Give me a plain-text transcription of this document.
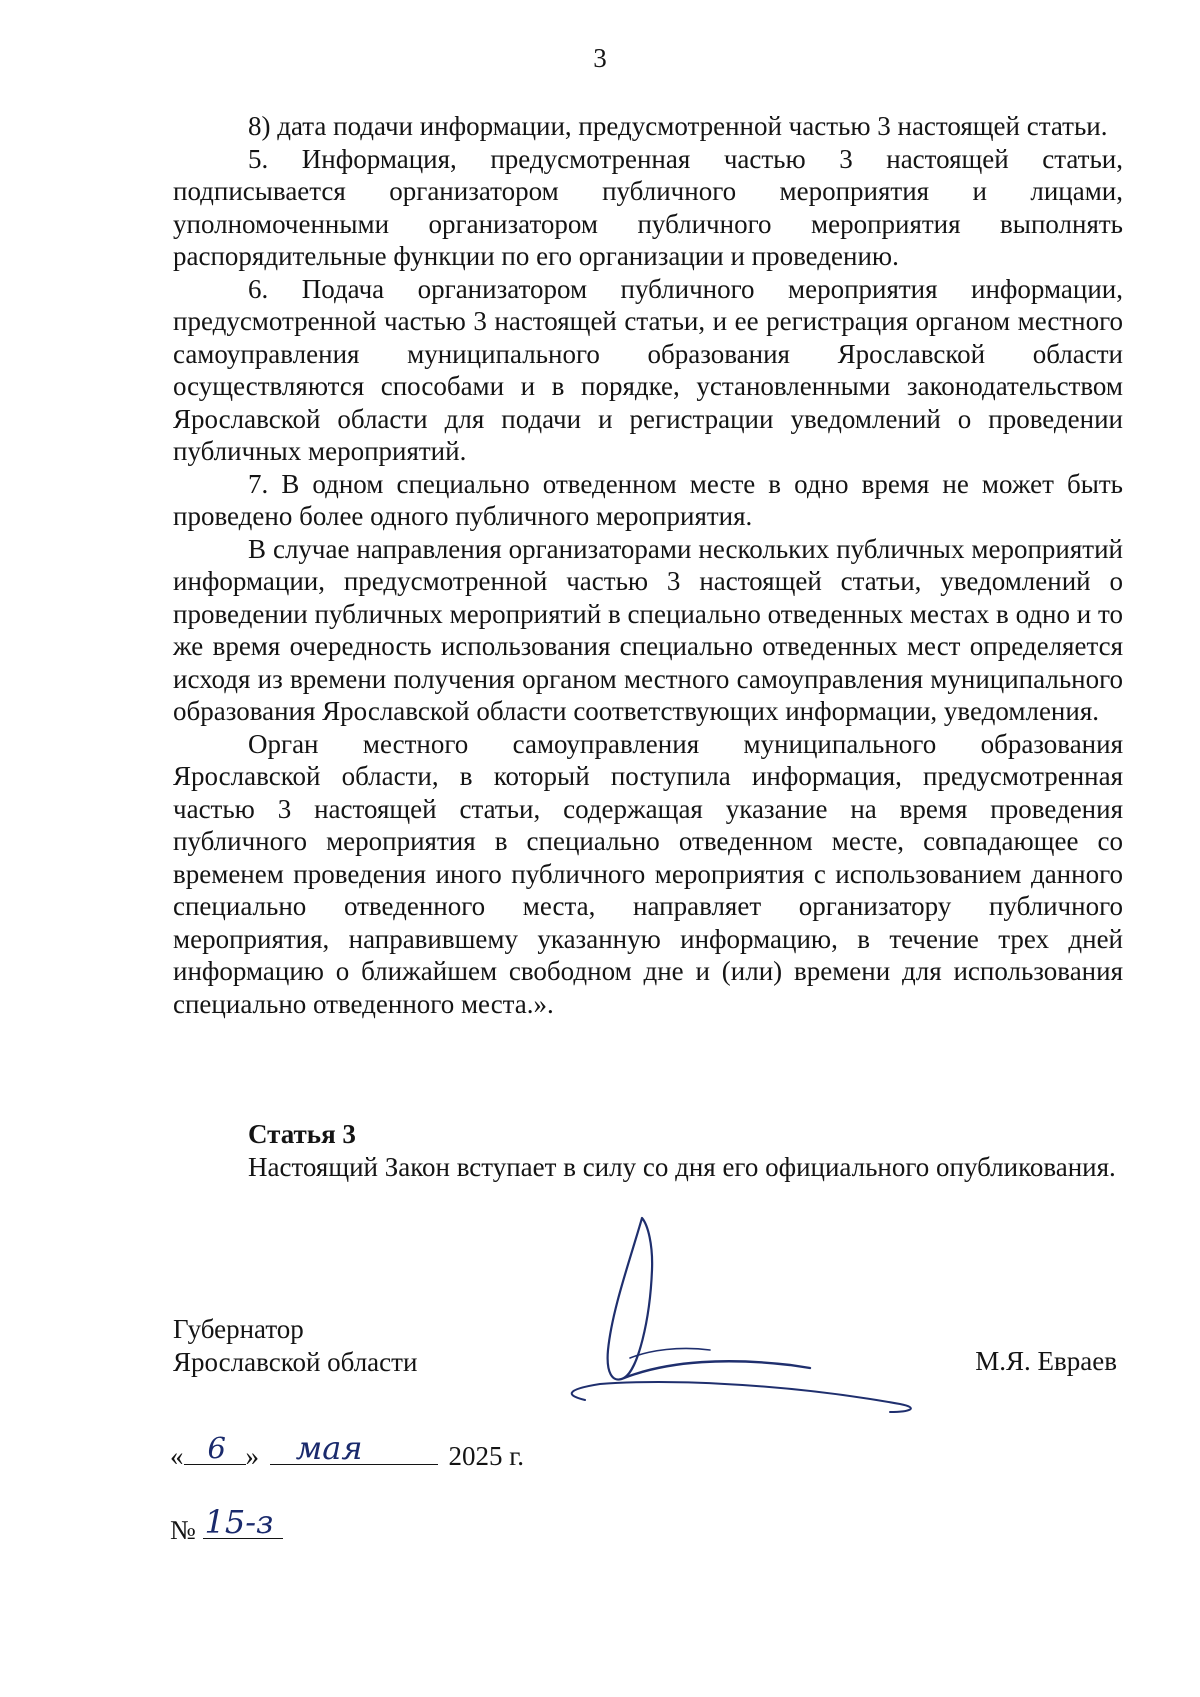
3

8) дата подачи информации, предусмотренной частью 3 настоящей статьи.

5. Информация, предусмотренная частью 3 настоящей статьи, подписывается организатором публичного мероприятия и лицами, уполномоченными организатором публичного мероприятия выполнять распорядительные функции по его организации и проведению.

6. Подача организатором публичного мероприятия информации, предусмотренной частью 3 настоящей статьи, и ее регистрация органом местного самоуправления муниципального образования Ярославской области осуществляются способами и в порядке, установленными законодательством Ярославской области для подачи и регистрации уведомлений о проведении публичных мероприятий.

7. В одном специально отведенном месте в одно время не может быть проведено более одного публичного мероприятия.

В случае направления организаторами нескольких публичных мероприятий информации, предусмотренной частью 3 настоящей статьи, уведомлений о проведении публичных мероприятий в специально отведенных местах в одно и то же время очередность использования специально отведенных мест определяется исходя из времени получения органом местного самоуправления муниципального образования Ярославской области соответствующих информации, уведомления.

Орган местного самоуправления муниципального образования Ярославской области, в который поступила информация, предусмотренная частью 3 настоящей статьи, содержащая указание на время проведения публичного мероприятия в специально отведенном месте, совпадающее со временем проведения иного публичного мероприятия с использованием данного специально отведенного места, направляет организатору публичного мероприятия, направившему указанную информацию, в течение трех дней информацию о ближайшем свободном дне и (или) времени для использования специально отведенного места.».

Статья 3

Настоящий Закон вступает в силу со дня его официального опубликования.

Губернатор
Ярославской области	М.Я. Евраев
« 6 » мая	2025 г.
№ 15-з
